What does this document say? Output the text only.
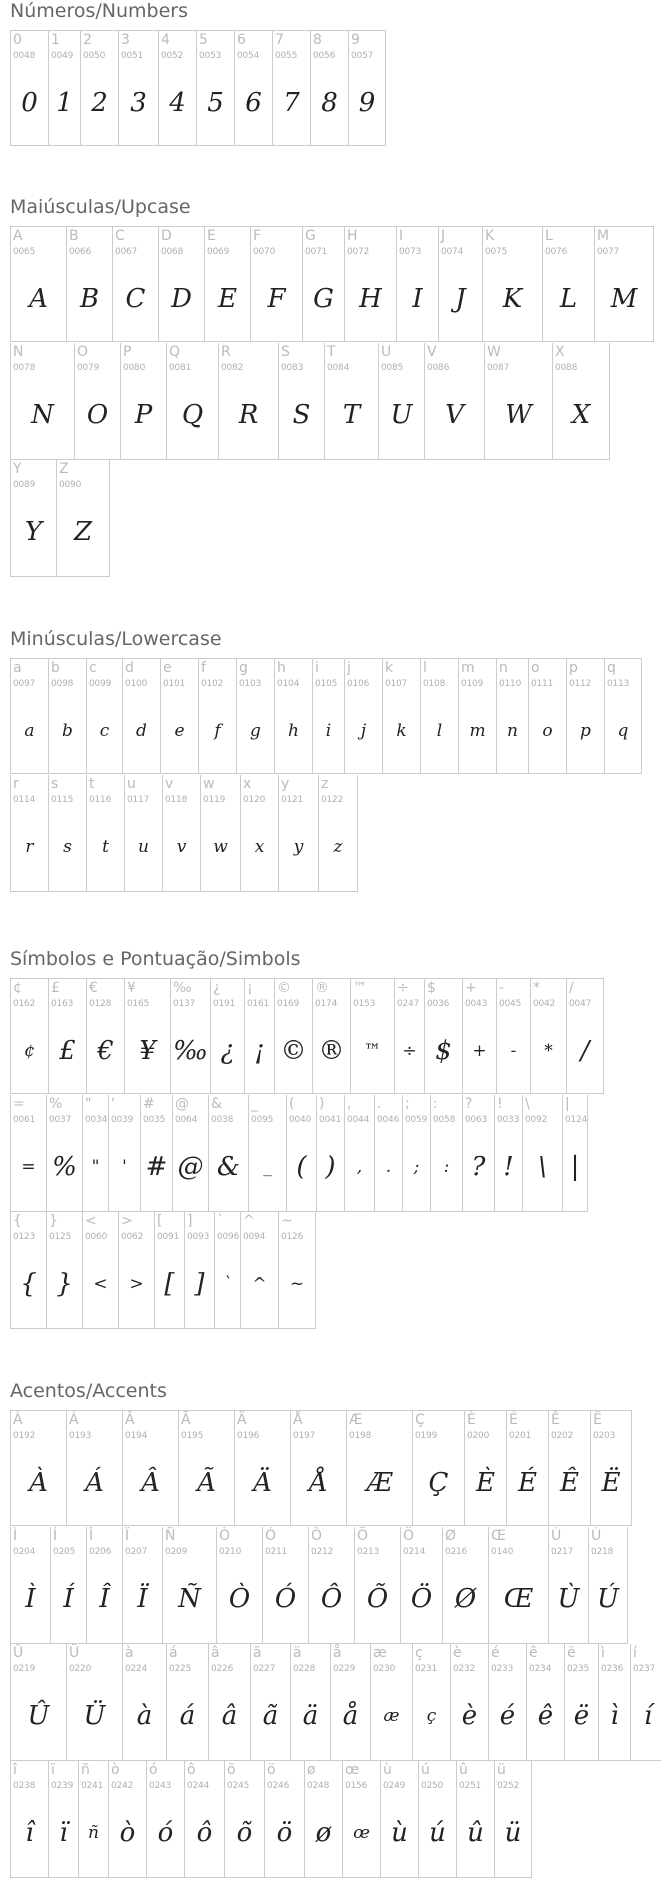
Números/Numbers
0
0048
0
1
0049
1
2
0050
2
3
0051
3
4
0052
4
5
0053
5
6
0054
6
7
0055
7
8
0056
8
9
0057
9
Maiúsculas/Upcase
A
0065
A
B
0066
B
C
0067
C
D
0068
D
E
0069
E
F
0070
F
G
0071
G
H
0072
H
I
0073
I
J
0074
J
K
0075
K
L
0076
L
M
0077
M
N
0078
N
O
0079
O
P
0080
P
Q
0081
Q
R
0082
R
S
0083
S
T
0084
T
U
0085
U
V
0086
V
W
0087
W
X
0088
X
Y
0089
Y
Z
0090
Z
Minúsculas/Lowercase
a
0097
a
b
0098
b
c
0099
c
d
0100
d
e
0101
e
f
0102
f
g
0103
g
h
0104
h
i
0105
i
j
0106
j
k
0107
k
l
0108
l
m
0109
m
n
0110
n
o
0111
o
p
0112
p
q
0113
q
r
0114
r
s
0115
s
t
0116
t
u
0117
u
v
0118
v
w
0119
w
x
0120
x
y
0121
y
z
0122
z
Símbolos e Pontuação/Simbols
¢
0162
¢
£
0163
£
€
0128
€
¥
0165
¥
‰
0137
‰
¿
0191
¿
¡
0161
¡
©
0169
©
®
0174
®
™
0153
™
÷
0247
÷
$
0036
$
+
0043
+
-
0045
-
*
0042
*
/
0047
/
=
0061
=
%
0037
%
"
0034
"
'
0039
'
#
0035
#
@
0064
@
&
0038
&
_
0095
_
(
0040
(
)
0041
)
,
0044
,
.
0046
.
;
0059
;
:
0058
:
?
0063
?
!
0033
!
\
0092
\
|
0124
|
{
0123
{
}
0125
}
<
0060
<
>
0062
>
[
0091
[
]
0093
]
`
0096
`
^
0094
^
~
0126
~
Acentos/Accents
À
0192
À
Á
0193
Á
Â
0194
Â
Ã
0195
Ã
Ä
0196
Ä
Å
0197
Å
Æ
0198
Æ
Ç
0199
Ç
È
0200
È
É
0201
É
Ê
0202
Ê
Ë
0203
Ë
Ì
0204
Ì
Í
0205
Í
Î
0206
Î
Ï
0207
Ï
Ñ
0209
Ñ
Ò
0210
Ò
Ó
0211
Ó
Ô
0212
Ô
Õ
0213
Õ
Ö
0214
Ö
Ø
0216
Ø
Œ
0140
Œ
Ù
0217
Ù
Ú
0218
Ú
Û
0219
Û
Ü
0220
Ü
à
0224
à
á
0225
á
â
0226
â
ã
0227
ã
ä
0228
ä
å
0229
å
æ
0230
æ
ç
0231
ç
è
0232
è
é
0233
é
ê
0234
ê
ë
0235
ë
ì
0236
ì
í
0237
í
î
0238
î
ï
0239
ï
ñ
0241
ñ
ò
0242
ò
ó
0243
ó
ô
0244
ô
õ
0245
õ
ö
0246
ö
ø
0248
ø
œ
0156
œ
ù
0249
ù
ú
0250
ú
û
0251
û
ü
0252
ü
